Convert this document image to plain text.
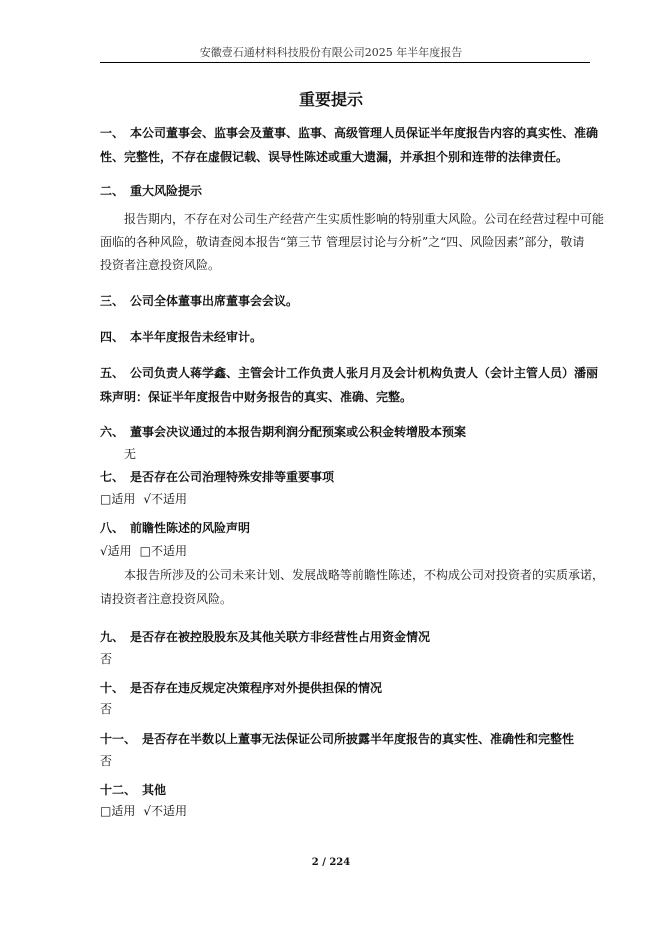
安徽壹石通材料科技股份有限公司2025 年半年度报告
重要提示
一、 本公司董事会、监事会及董事、监事、高级管理人员保证半年度报告内容的真实性、准确
性、完整性，不存在虚假记载、误导性陈述或重大遗漏，并承担个别和连带的法律责任。
二、 重大风险提示
报告期内，不存在对公司生产经营产生实质性影响的特别重大风险。公司在经营过程中可能
面临的各种风险，敬请查阅本报告“第三节 管理层讨论与分析”之“四、风险因素”部分，敬请
投资者注意投资风险。
三、 公司全体董事出席董事会会议。
四、 本半年度报告未经审计。
五、 公司负责人蒋学鑫、主管会计工作负责人张月月及会计机构负责人（会计主管人员）潘丽
珠声明：保证半年度报告中财务报告的真实、准确、完整。
六、 董事会决议通过的本报告期利润分配预案或公积金转增股本预案
无
七、 是否存在公司治理特殊安排等重要事项
□适用 √不适用
八、 前瞻性陈述的风险声明
√适用 □不适用
本报告所涉及的公司未来计划、发展战略等前瞻性陈述，不构成公司对投资者的实质承诺，
请投资者注意投资风险。
九、 是否存在被控股股东及其他关联方非经营性占用资金情况
否
十、 是否存在违反规定决策程序对外提供担保的情况
否
十一、 是否存在半数以上董事无法保证公司所披露半年度报告的真实性、准确性和完整性
否
十二、 其他
□适用 √不适用
2 / 224
